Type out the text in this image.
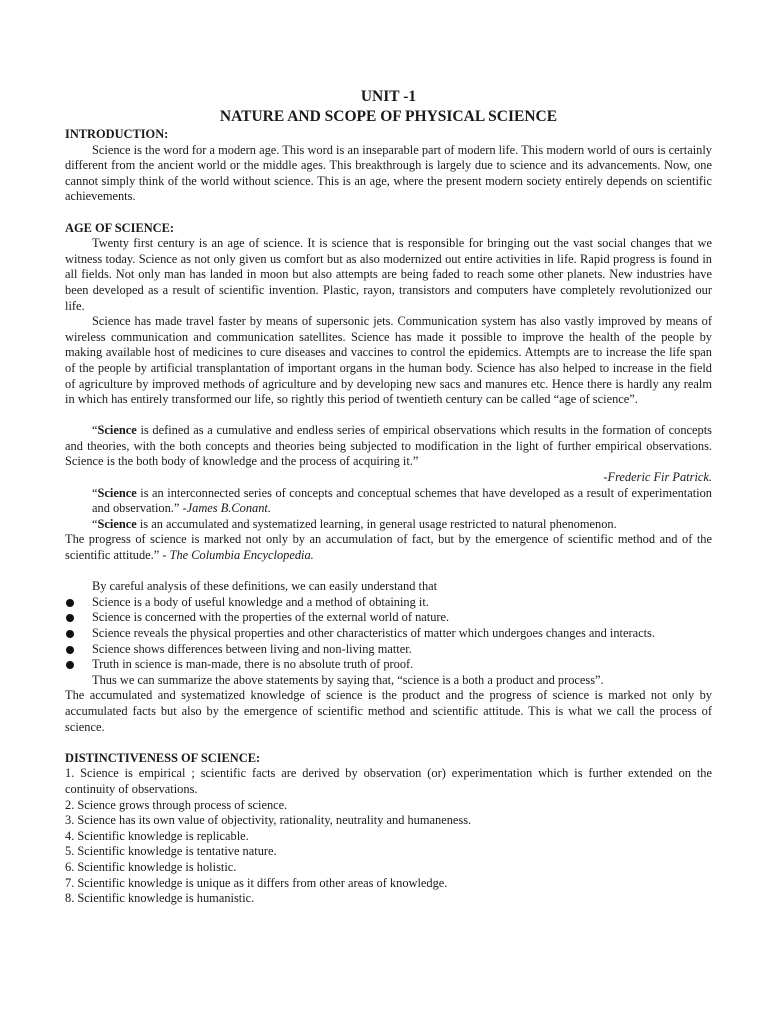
UNIT -1

NATURE AND SCOPE OF PHYSICAL SCIENCE

INTRODUCTION:

Science is the word for a modern age. This word is an inseparable part of modern life. This modern world of ours is certainly different from the ancient world or the middle ages. This breakthrough is largely due to science and its advancements. Now, one cannot simply think of the world without science. This is an age, where the present modern society entirely depends on scientific achievements.

AGE OF SCIENCE:

Twenty first century is an age of science. It is science that is responsible for bringing out the vast social changes that we witness today. Science as not only given us comfort but as also modernized out entire activities in life. Rapid progress is found in all fields. Not only man has landed in moon but also attempts are being faded to reach some other planets. New industries have been developed as a result of scientific invention. Plastic, rayon, transistors and computers have completely revolutionized our life.

Science has made travel faster by means of supersonic jets. Communication system has also vastly improved by means of wireless communication and communication satellites. Science has made it possible to improve the health of the people by making available host of medicines to cure diseases and vaccines to control the epidemics. Attempts are to increase the life span of the people by artificial transplantation of important organs in the human body. Science has also helped to increase in the field of agriculture by improved methods of agriculture and by developing new sacs and manures etc. Hence there is hardly any realm in which has entirely transformed our life, so rightly this period of twentieth century can be called “age of science”.

“Science is defined as a cumulative and endless series of empirical observations which results in the formation of concepts and theories, with the both concepts and theories being subjected to modification in the light of further empirical observations. Science is the both body of knowledge and the process of acquiring it.”

-Frederic Fir Patrick.

“Science is an interconnected series of concepts and conceptual schemes that have developed as a result of experimentation and observation.” -James B.Conant.

“Science is an accumulated and systematized learning, in general usage restricted to natural phenomenon.

The progress of science is marked not only by an accumulation of fact, but by the emergence of scientific method and of the scientific attitude.” - The Columbia Encyclopedia.

By careful analysis of these definitions, we can easily understand that

Science is a body of useful knowledge and a method of obtaining it.
Science is concerned with the properties of the external world of nature.
Science reveals the physical properties and other characteristics of matter which undergoes changes and interacts.
Science shows differences between living and non-living matter.
Truth in science is man-made, there is no absolute truth of proof.

Thus we can summarize the above statements by saying that, “science is a both a product and process”.

The accumulated and systematized knowledge of science is the product and the progress of science is marked not only by accumulated facts but also by the emergence of scientific method and scientific attitude. This is what we call the process of science.

DISTINCTIVENESS OF SCIENCE:

1. Science is empirical ; scientific facts are derived by observation (or) experimentation which is further extended on the continuity of observations.
2. Science grows through process of science.
3. Science has its own value of objectivity, rationality, neutrality and humaneness.
4. Scientific knowledge is replicable.
5. Scientific knowledge is tentative nature.
6. Scientific knowledge is holistic.
7. Scientific knowledge is unique as it differs from other areas of knowledge.
8. Scientific knowledge is humanistic.
